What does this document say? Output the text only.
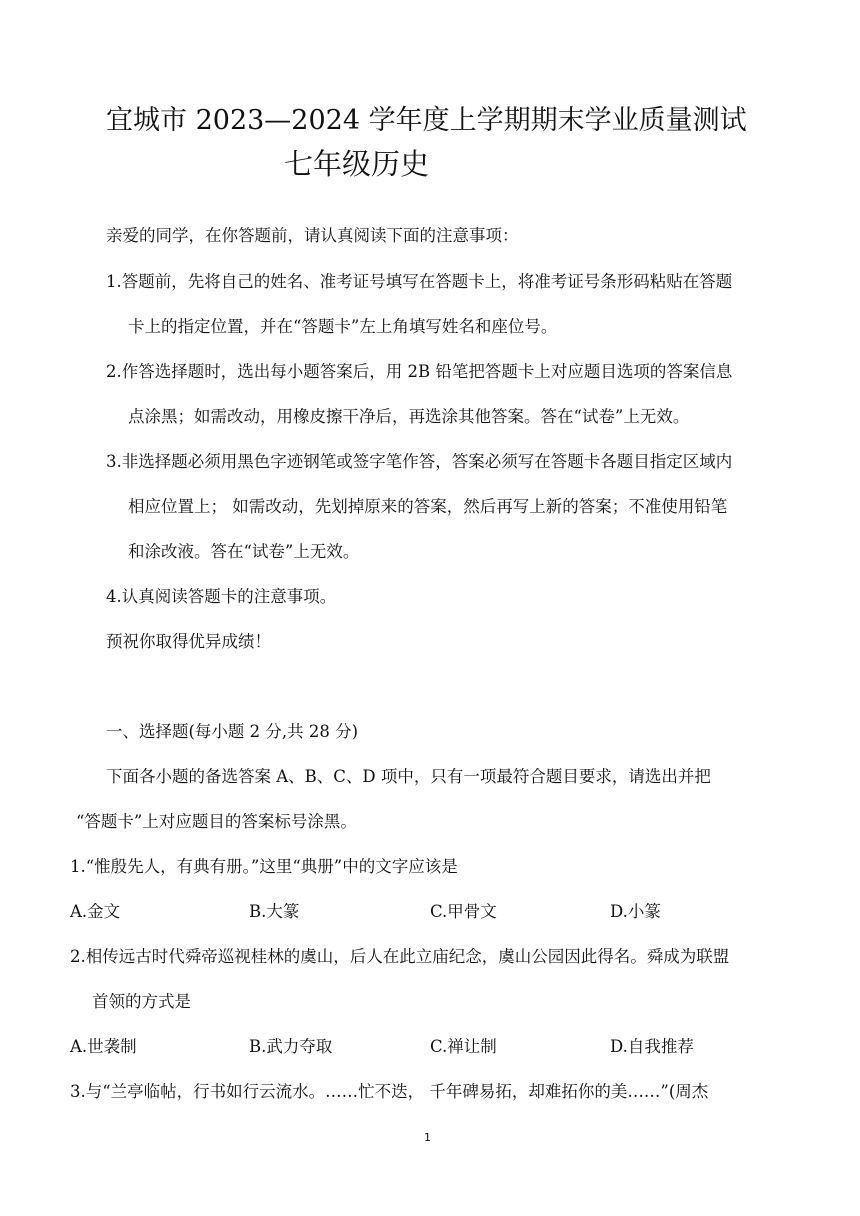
宜城市 2023—2024 学年度上学期期末学业质量测试
七年级历史
亲爱的同学，在你答题前，请认真阅读下面的注意事项：
1.答题前，先将自己的姓名、准考证号填写在答题卡上，将准考证号条形码粘贴在答题
卡上的指定位置，并在“答题卡”左上角填写姓名和座位号。
2.作答选择题时，选出每小题答案后，用 2B 铅笔把答题卡上对应题目选项的答案信息
点涂黑；如需改动，用橡皮擦干净后，再选涂其他答案。答在“试卷”上无效。
3.非选择题必须用黑色字迹钢笔或签字笔作答，答案必须写在答题卡各题目指定区域内
相应位置上； 如需改动，先划掉原来的答案，然后再写上新的答案；不准使用铅笔
和涂改液。答在“试卷”上无效。
4.认真阅读答题卡的注意事项。
预祝你取得优异成绩！
一、选择题(每小题 2 分,共 28 分)
下面各小题的备选答案 A、B、C、D 项中，只有一项最符合题目要求，请选出并把
“答题卡”上对应题目的答案标号涂黑。
1.“惟殷先人，有典有册。”这里“典册”中的文字应该是
A.金文	B.大篆	C.甲骨文	D.小篆
2.相传远古时代舜帝巡视桂林的虞山，后人在此立庙纪念，虞山公园因此得名。舜成为联盟
首领的方式是
A.世袭制	B.武力夺取	C.禅让制	D.自我推荐
3.与“兰亭临帖，行书如行云流水。……忙不迭， 千年碑易拓，却难拓你的美……”(周杰
1
